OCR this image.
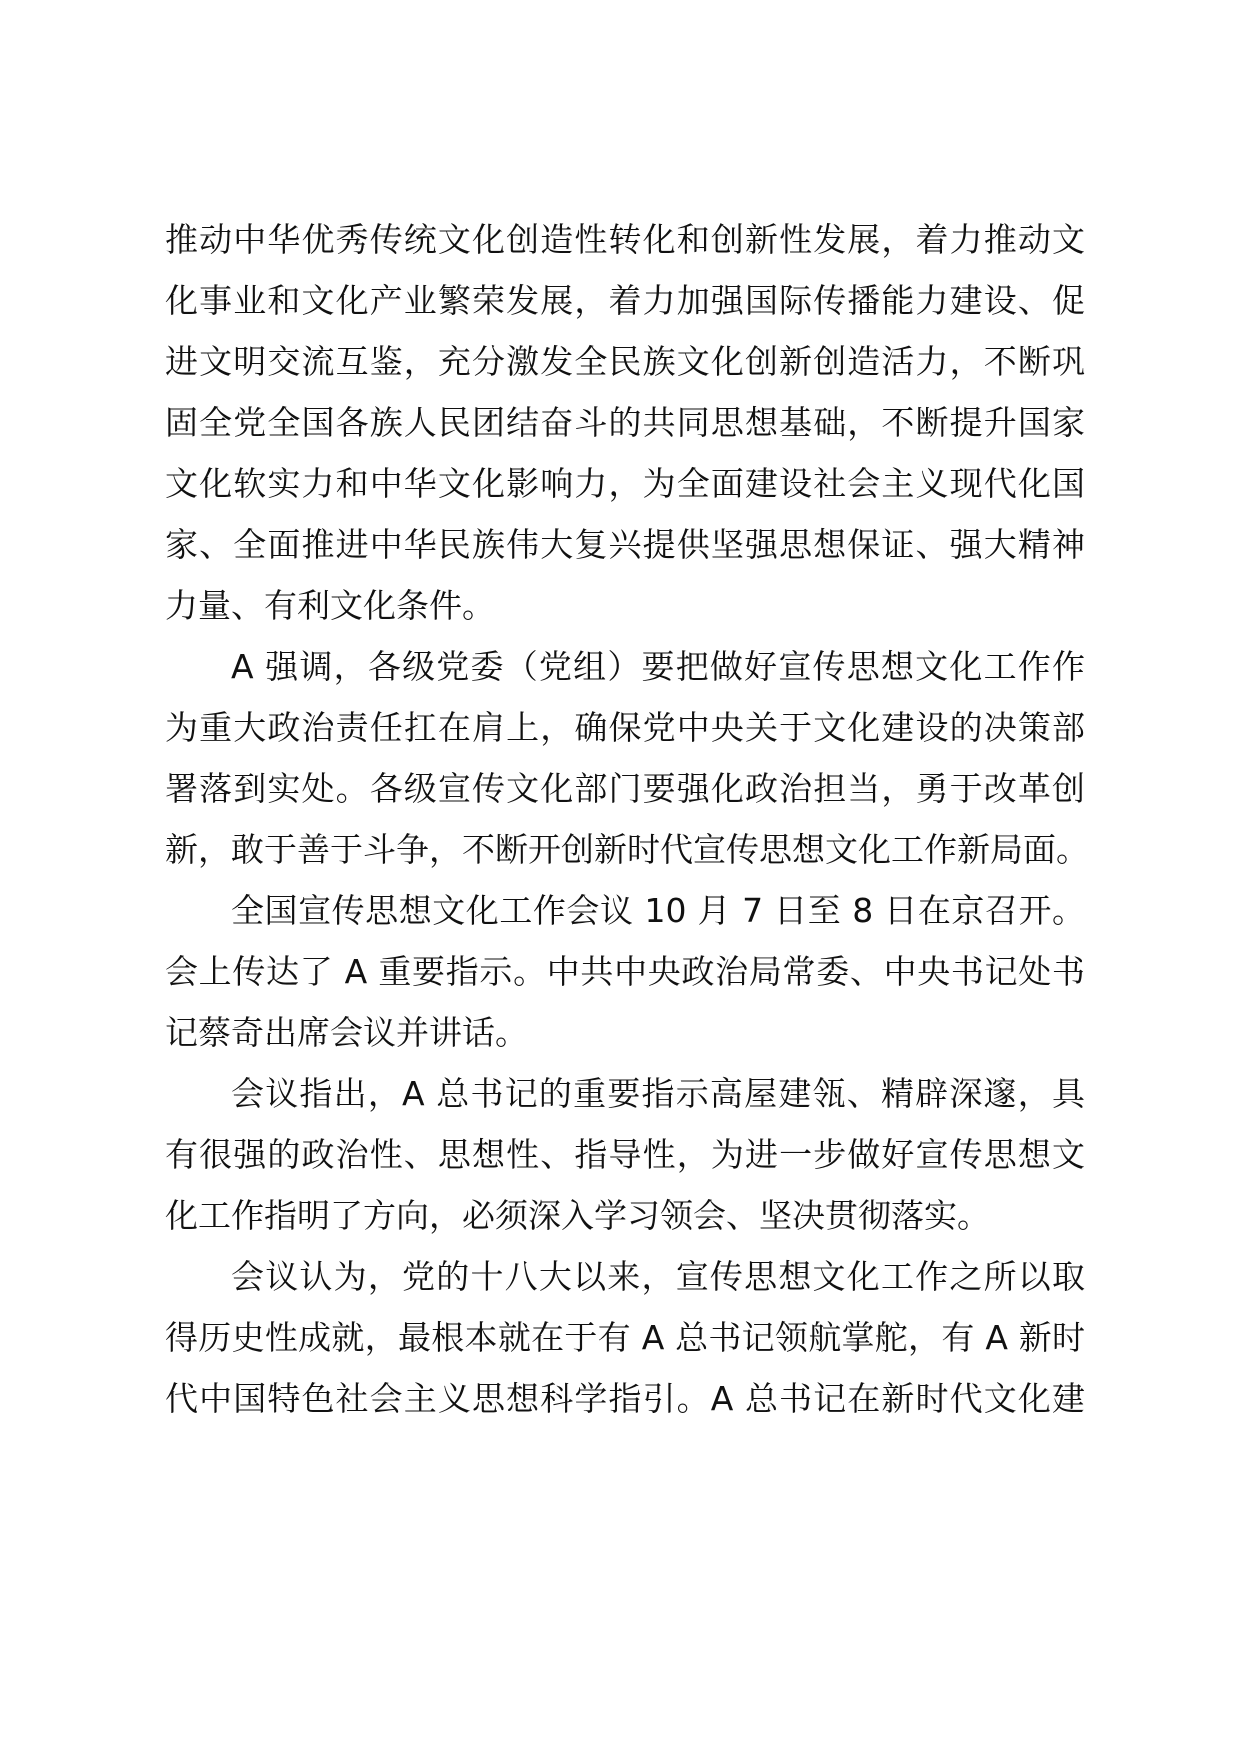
推动中华优秀传统文化创造性转化和创新性发展，着力推动文
化事业和文化产业繁荣发展，着力加强国际传播能力建设、促
进文明交流互鉴，充分激发全民族文化创新创造活力，不断巩
固全党全国各族人民团结奋斗的共同思想基础，不断提升国家
文化软实力和中华文化影响力，为全面建设社会主义现代化国
家、全面推进中华民族伟大复兴提供坚强思想保证、强大精神
力量、有利文化条件。
A 强调，各级党委（党组）要把做好宣传思想文化工作作
为重大政治责任扛在肩上，确保党中央关于文化建设的决策部
署落到实处。各级宣传文化部门要强化政治担当，勇于改革创
新，敢于善于斗争，不断开创新时代宣传思想文化工作新局面。
全国宣传思想文化工作会议 10 月 7 日至 8 日在京召开。
会上传达了 A 重要指示。中共中央政治局常委、中央书记处书
记蔡奇出席会议并讲话。
会议指出，A 总书记的重要指示高屋建瓴、精辟深邃，具
有很强的政治性、思想性、指导性，为进一步做好宣传思想文
化工作指明了方向，必须深入学习领会、坚决贯彻落实。
会议认为，党的十八大以来，宣传思想文化工作之所以取
得历史性成就，最根本就在于有 A 总书记领航掌舵，有 A 新时
代中国特色社会主义思想科学指引。A 总书记在新时代文化建
